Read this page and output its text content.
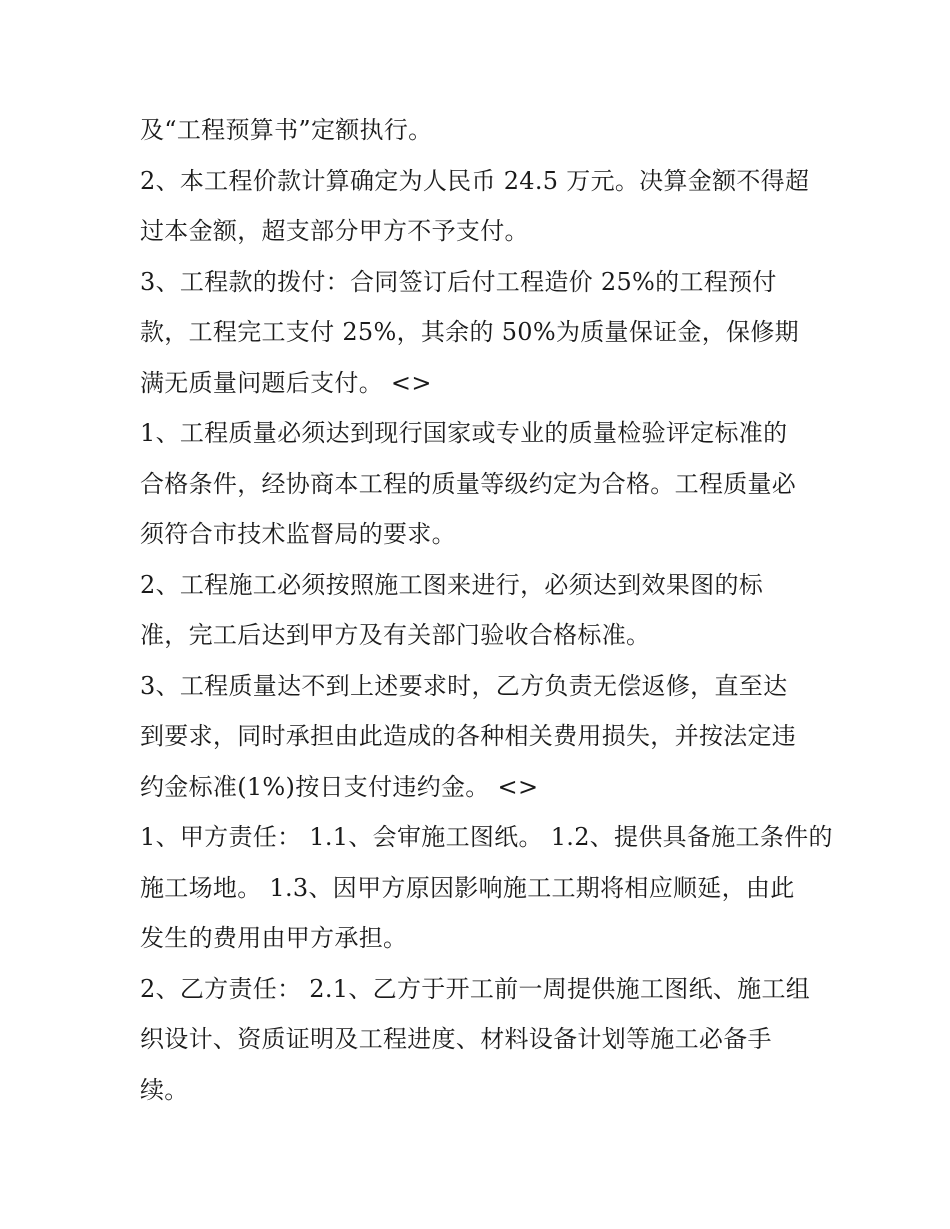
及“工程预算书”定额执行。
2、本工程价款计算确定为人民币 24.5 万元。决算金额不得超
过本金额，超支部分甲方不予支付。
3、工程款的拨付：合同签订后付工程造价 25%的工程预付
款，工程完工支付 25%，其余的 50%为质量保证金，保修期
满无质量问题后支付。 <>
1、工程质量必须达到现行国家或专业的质量检验评定标准的
合格条件，经协商本工程的质量等级约定为合格。工程质量必
须符合市技术监督局的要求。
2、工程施工必须按照施工图来进行，必须达到效果图的标
准，完工后达到甲方及有关部门验收合格标准。
3、工程质量达不到上述要求时，乙方负责无偿返修，直至达
到要求，同时承担由此造成的各种相关费用损失，并按法定违
约金标准(1%)按日支付违约金。 <>
1、甲方责任： 1.1、会审施工图纸。 1.2、提供具备施工条件的
施工场地。 1.3、因甲方原因影响施工工期将相应顺延，由此
发生的费用由甲方承担。
2、乙方责任： 2.1、乙方于开工前一周提供施工图纸、施工组
织设计、资质证明及工程进度、材料设备计划等施工必备手
续。
